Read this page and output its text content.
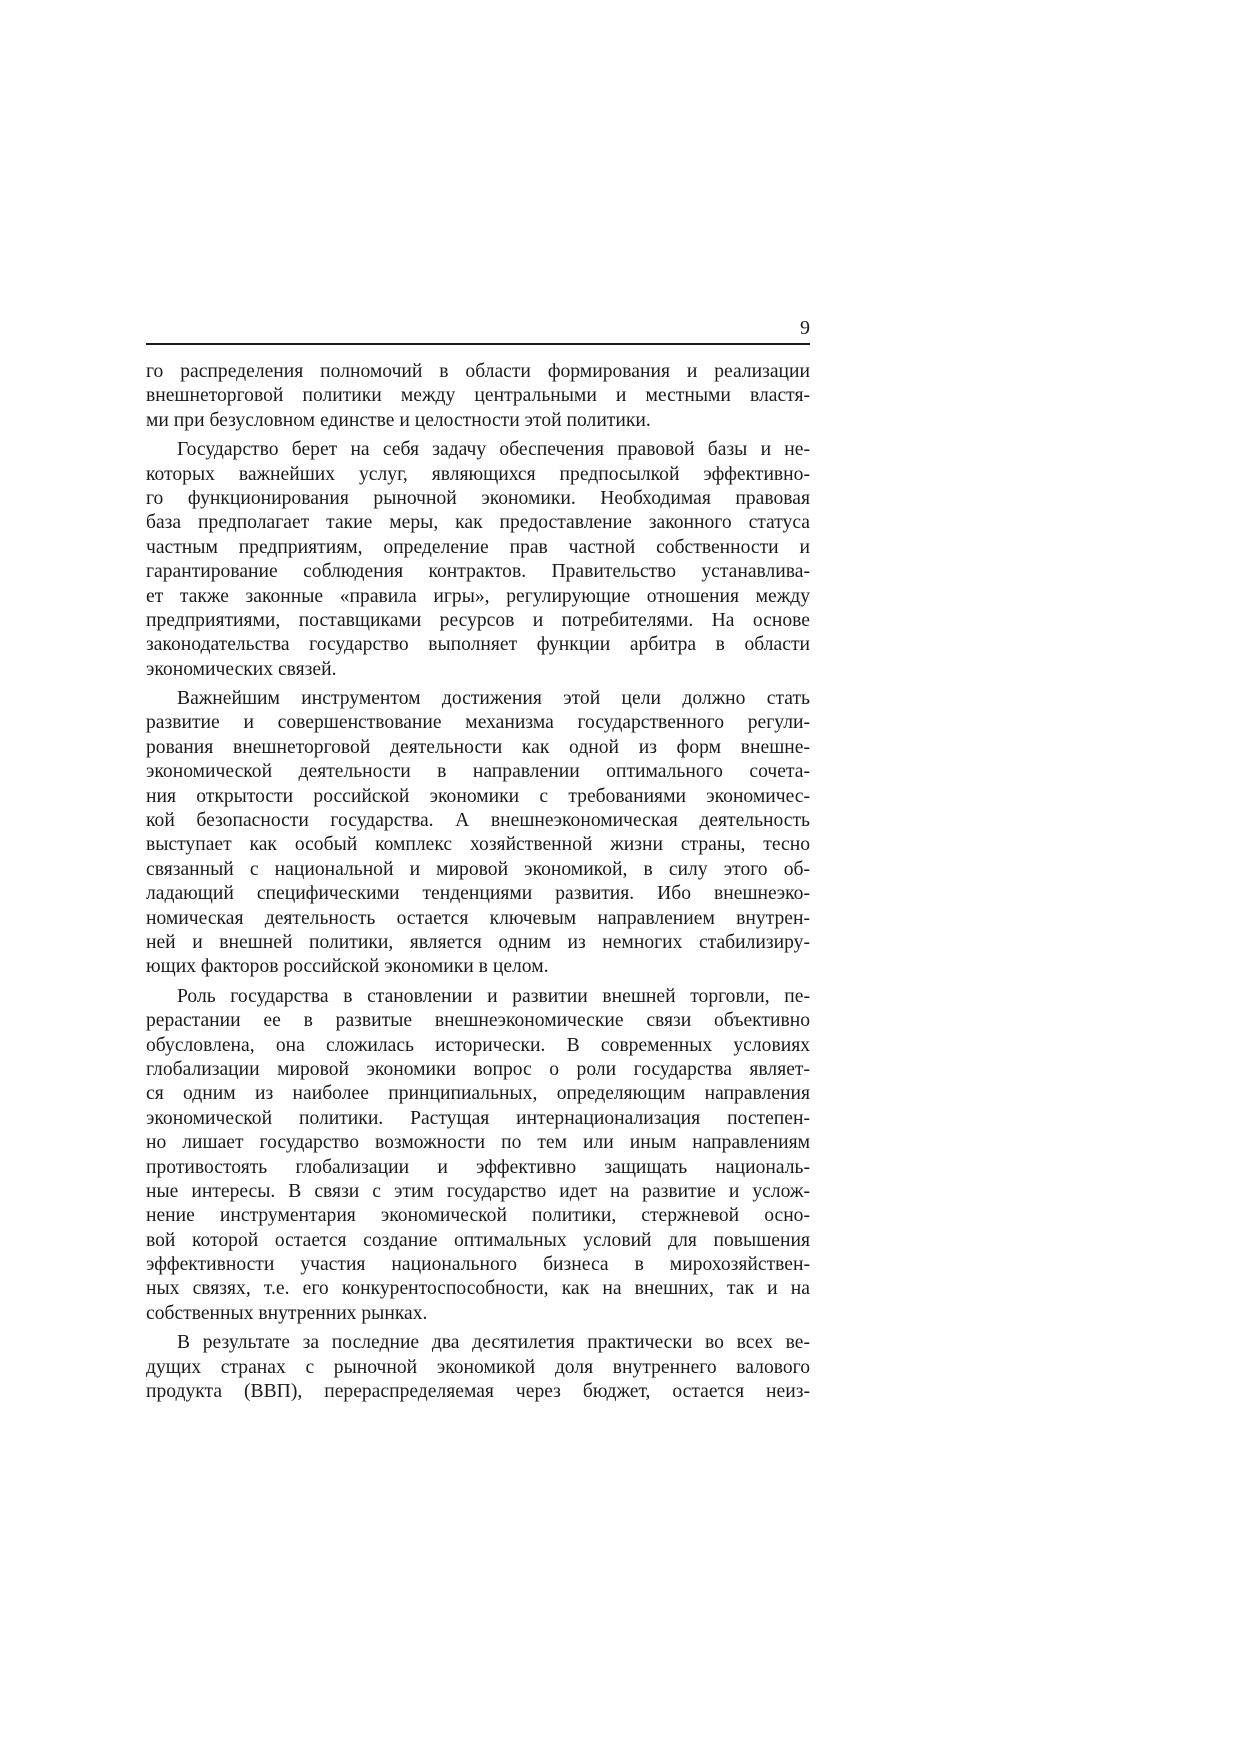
9
го распределения полномочий в области формирования и реализации
внешнеторговой политики между центральными и местными властя-
ми при безусловном единстве и целостности этой политики.
Государство берет на себя задачу обеспечения правовой базы и не-
которых важнейших услуг, являющихся предпосылкой эффективно-
го функционирования рыночной экономики. Необходимая правовая
база предполагает такие меры, как предоставление законного статуса
частным предприятиям, определение прав частной собственности и
гарантирование соблюдения контрактов. Правительство устанавлива-
ет также законные «правила игры», регулирующие отношения между
предприятиями, поставщиками ресурсов и потребителями. На основе
законодательства государство выполняет функции арбитра в области
экономических связей.
Важнейшим инструментом достижения этой цели должно стать
развитие и совершенствование механизма государственного регули-
рования внешнеторговой деятельности как одной из форм внешне-
экономической деятельности в направлении оптимального сочета-
ния открытости российской экономики с требованиями экономичес-
кой безопасности государства. А внешнеэкономическая деятельность
выступает как особый комплекс хозяйственной жизни страны, тесно
связанный с национальной и мировой экономикой, в силу этого об-
ладающий специфическими тенденциями развития. Ибо внешнеэко-
номическая деятельность остается ключевым направлением внутрен-
ней и внешней политики, является одним из немногих стабилизиру-
ющих факторов российской экономики в целом.
Роль государства в становлении и развитии внешней торговли, пе-
рерастании ее в развитые внешнеэкономические связи объективно
обусловлена, она сложилась исторически. В современных условиях
глобализации мировой экономики вопрос о роли государства являет-
ся одним из наиболее принципиальных, определяющим направления
экономической политики. Растущая интернационализация постепен-
но лишает государство возможности по тем или иным направлениям
противостоять глобализации и эффективно защищать националь-
ные интересы. В связи с этим государство идет на развитие и услож-
нение инструментария экономической политики, стержневой осно-
вой которой остается создание оптимальных условий для повышения
эффективности участия национального бизнеса в мирохозяйствен-
ных связях, т.е. его конкурентоспособности, как на внешних, так и на
собственных внутренних рынках.
В результате за последние два десятилетия практически во всех ве-
дущих странах с рыночной экономикой доля внутреннего валового
продукта (ВВП), перераспределяемая через бюджет, остается неиз-
